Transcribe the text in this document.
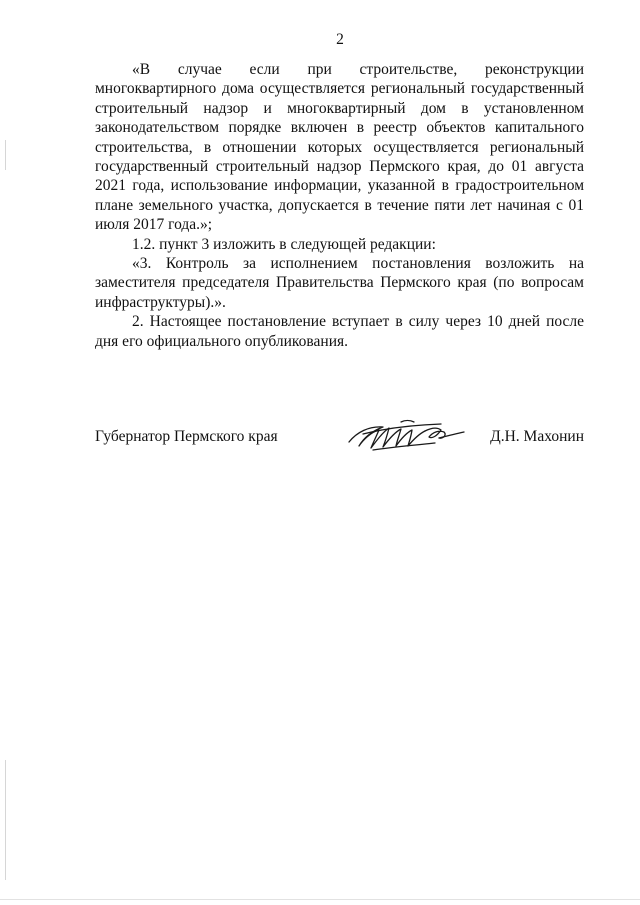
2

«В случае если при строительстве, реконструкции многоквартирного дома осуществляется региональный государственный строительный надзор и многоквартирный дом в установленном законодательством порядке включен в реестр объектов капитального строительства, в отношении которых осуществляется региональный государственный строительный надзор Пермского края, до 01 августа 2021 года, использование информации, указанной в градостроительном плане земельного участка, допускается в течение пяти лет начиная с 01 июля 2017 года.»;

1.2. пункт 3 изложить в следующей редакции:

«3. Контроль за исполнением постановления возложить на заместителя председателя Правительства Пермского края (по вопросам инфраструктуры).».

2. Настоящее постановление вступает в силу через 10 дней после дня его официального опубликования.

Губернатор Пермского края	Д.Н. Махонин
